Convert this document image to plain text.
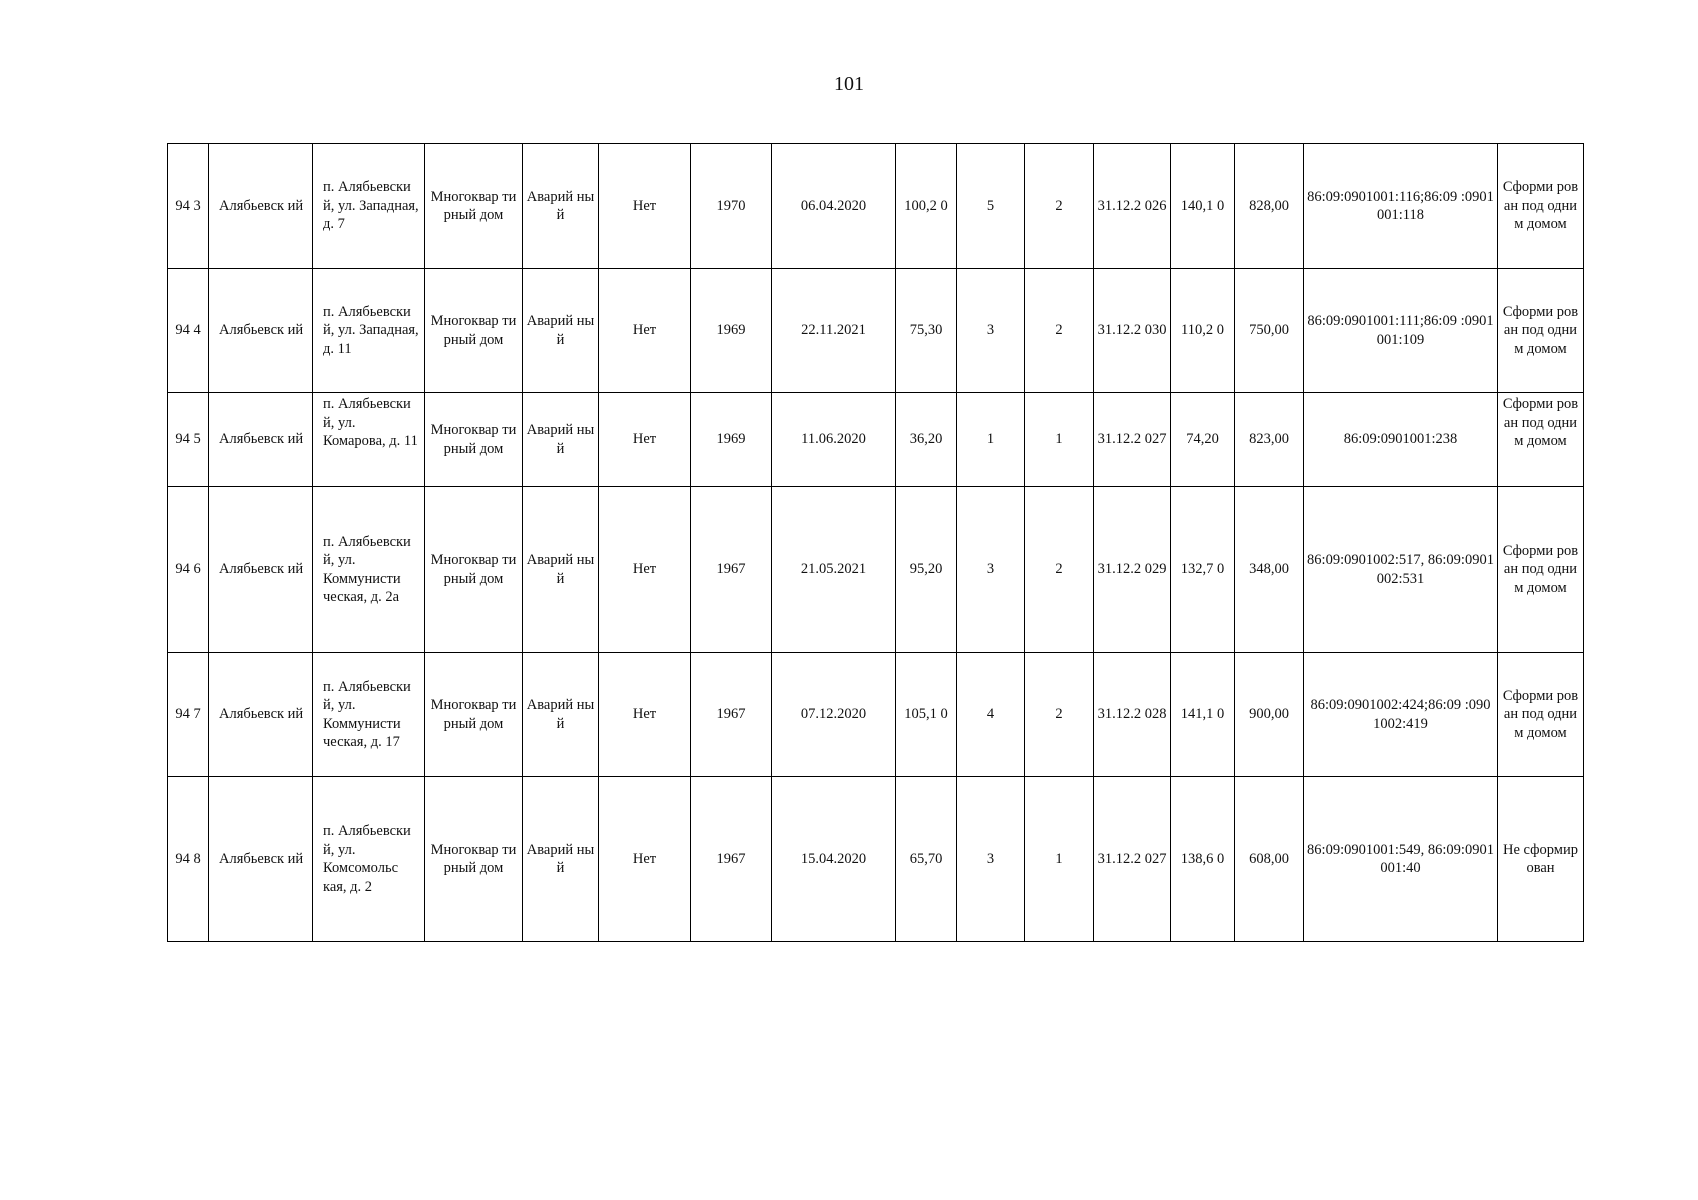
101
94 3	Алябьевск ий	п. Алябьевски й, ул. Западная, д. 7	Многоквар тирный дом	Аварий ный	Нет	1970	06.04.2020	100,2 0	5	2	31.12.2 026	140,1 0	828,00	86:09:0901001:116;86:09 :0901001:118	Сформи рован под одним домом
94 4	Алябьевск ий	п. Алябьевски й, ул. Западная, д. 11	Многоквар тирный дом	Аварий ный	Нет	1969	22.11.2021	75,30	3	2	31.12.2 030	110,2 0	750,00	86:09:0901001:111;86:09 :0901001:109	Сформи рован под одним домом
94 5	Алябьевск ий	п. Алябьевски й, ул. Комарова, д. 11	Многоквар тирный дом	Аварий ный	Нет	1969	11.06.2020	36,20	1	1	31.12.2 027	74,20	823,00	86:09:0901001:238	Сформи рован под одним домом
94 6	Алябьевск ий	п. Алябьевски й, ул. Коммунисти ческая, д. 2а	Многоквар тирный дом	Аварий ный	Нет	1967	21.05.2021	95,20	3	2	31.12.2 029	132,7 0	348,00	86:09:0901002:517, 86:09:0901002:531	Сформи рован под одним домом
94 7	Алябьевск ий	п. Алябьевски й, ул. Коммунисти ческая, д. 17	Многоквар тирный дом	Аварий ный	Нет	1967	07.12.2020	105,1 0	4	2	31.12.2 028	141,1 0	900,00	86:09:0901002:424;86:09 :0901002:419	Сформи рован под одним домом
94 8	Алябьевск ий	п. Алябьевски й, ул. Комсомольс кая, д. 2	Многоквар тирный дом	Аварий ный	Нет	1967	15.04.2020	65,70	3	1	31.12.2 027	138,6 0	608,00	86:09:0901001:549, 86:09:0901001:40	Не сформир ован
